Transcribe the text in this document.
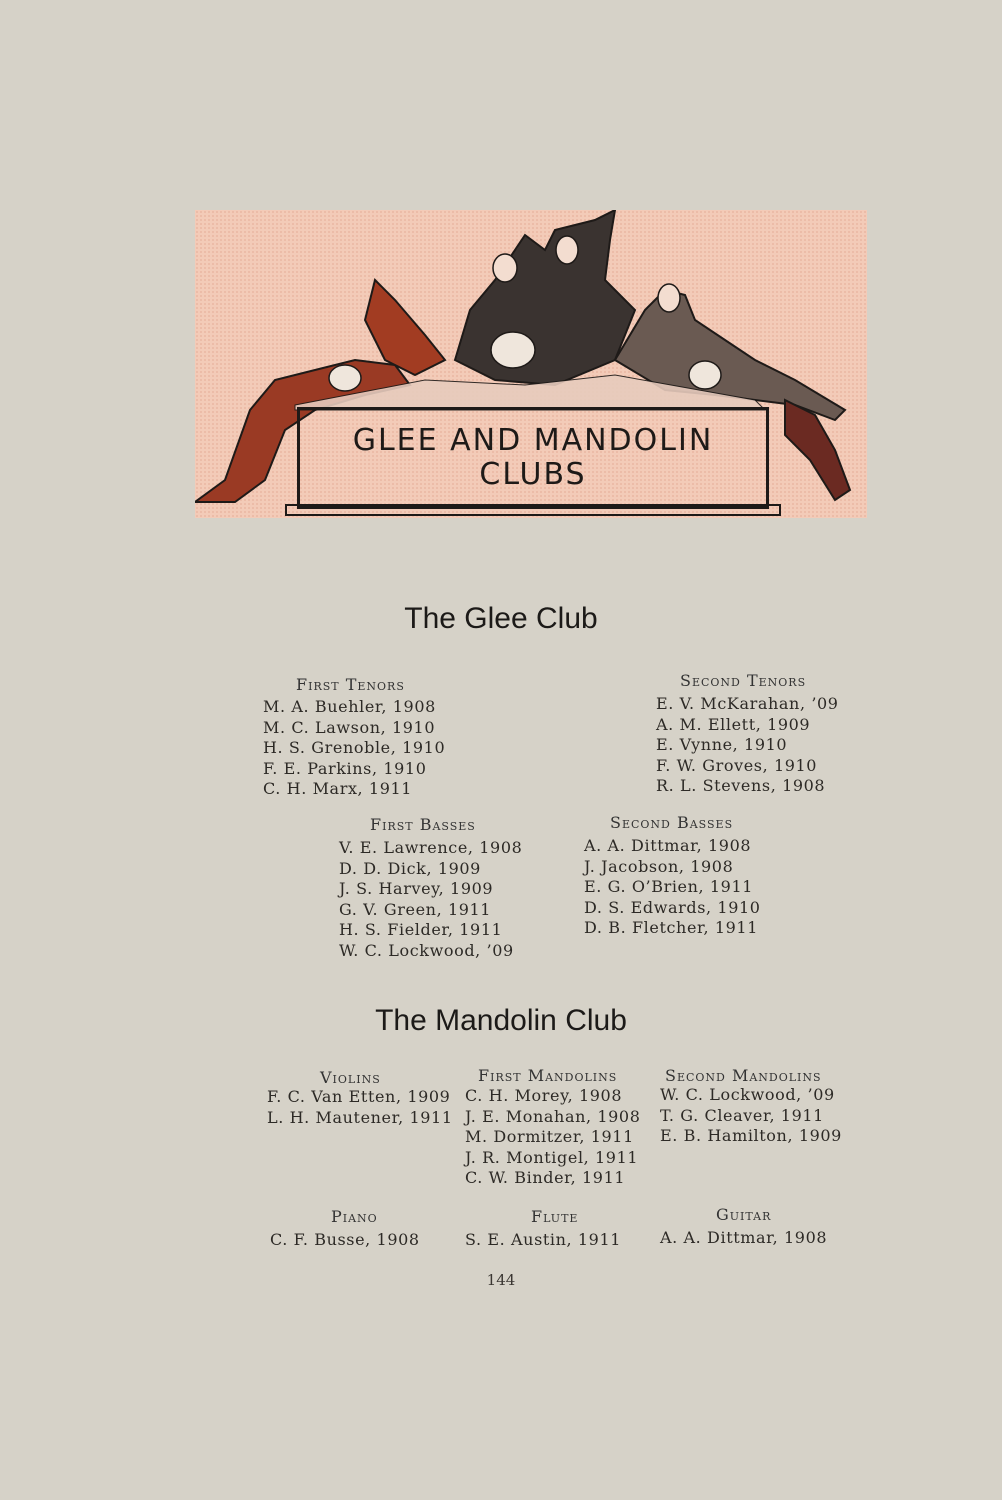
GLEE AND MANDOLIN
CLUBS
The Glee Club
First Tenors
M. A. Buehler, 1908
M. C. Lawson, 1910
H. S. Grenoble, 1910
F. E. Parkins, 1910
C. H. Marx, 1911
Second Tenors
E. V. McKarahan, ’09
A. M. Ellett, 1909
E. Vynne, 1910
F. W. Groves, 1910
R. L. Stevens, 1908
First Basses
V. E. Lawrence, 1908
D. D. Dick, 1909
J. S. Harvey, 1909
G. V. Green, 1911
H. S. Fielder, 1911
W. C. Lockwood, ’09
Second Basses
A. A. Dittmar, 1908
J. Jacobson, 1908
E. G. O’Brien, 1911
D. S. Edwards, 1910
D. B. Fletcher, 1911
The Mandolin Club
Violins
F. C. Van Etten, 1909
L. H. Mautener, 1911
First Mandolins
C. H. Morey, 1908
J. E. Monahan, 1908
M. Dormitzer, 1911
J. R. Montigel, 1911
C. W. Binder, 1911
Second Mandolins
W. C. Lockwood, ’09
T. G. Cleaver, 1911
E. B. Hamilton, 1909
Piano
C. F. Busse, 1908
Flute
S. E. Austin, 1911
Guitar
A. A. Dittmar, 1908
144
